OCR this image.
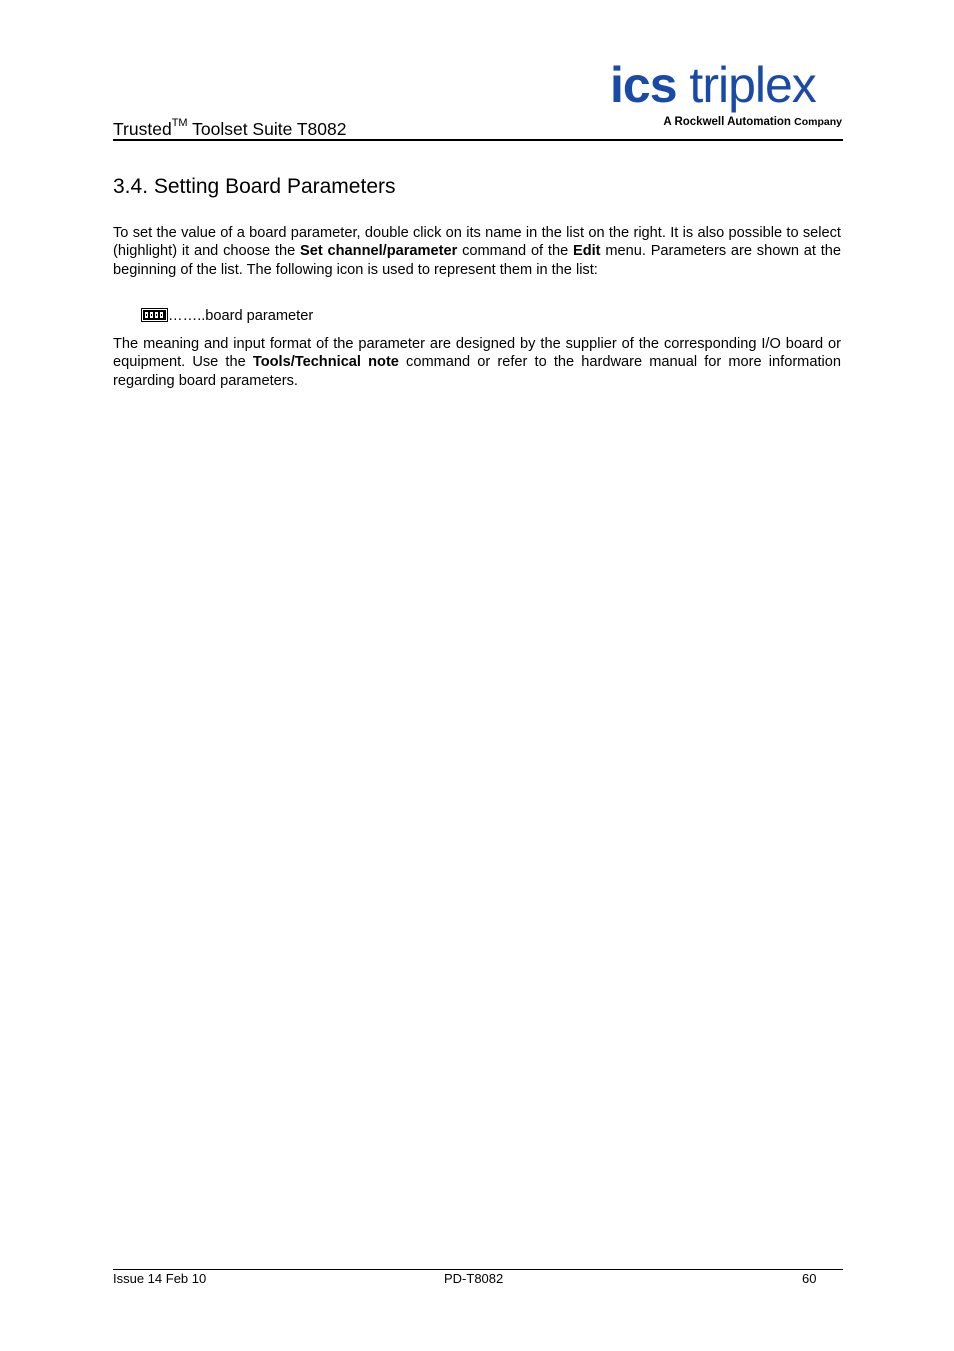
Trusted™ Toolset Suite T8082
ics triplex
A Rockwell Automation Company
3.4. Setting Board Parameters
To set the value of a board parameter, double click on its name in the list on the right. It is also possible to select (highlight) it and choose the Set channel/parameter command of the Edit menu. Parameters are shown at the beginning of the list. The following icon is used to represent them in the list:
……..board parameter
The meaning and input format of the parameter are designed by the supplier of the corresponding I/O board or equipment. Use the Tools/Technical note command or refer to the hardware manual for more information regarding board parameters.
Issue 14 Feb 10	PD-T8082	60
